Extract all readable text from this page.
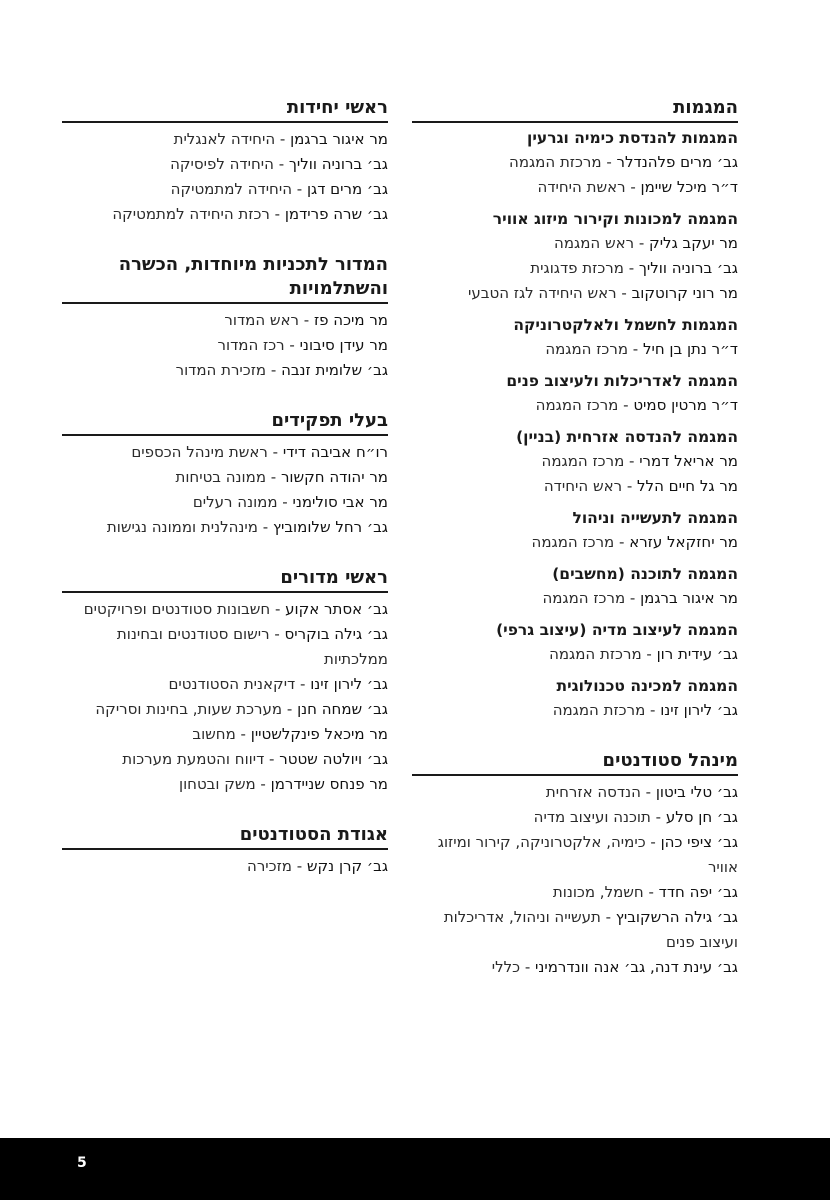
המגמות
המגמות להנדסת כימיה וגרעין
גב׳ מרים פלהנדלר - מרכזת המגמה
ד״ר מיכל שיימן - ראשת היחידה
המגמה למכונות וקירור מיזוג אוויר
מר יעקב גליק - ראש המגמה
גב׳ ברוניה ווליך - מרכזת פדגוגית
מר רוני קרוטקוב - ראש היחידה לגז הטבעי
המגמות לחשמל ולאלקטרוניקה
ד״ר נתן בן חיל - מרכז המגמה
המגמה לאדריכלות ולעיצוב פנים
ד״ר מרטין סמיט - מרכז המגמה
המגמה להנדסה אזרחית (בניין)
מר אריאל דמרי - מרכז המגמה
מר גל חיים הלל - ראש היחידה
המגמה לתעשייה וניהול
מר יחזקאל עזרא - מרכז המגמה
המגמה לתוכנה (מחשבים)
מר איגור ברגמן - מרכז המגמה
המגמה לעיצוב מדיה (עיצוב גרפי)
גב׳ עידית רון - מרכזת המגמה
המגמה למכינה טכנולוגית
גב׳ לירון זינו - מרכזת המגמה
מינהל סטודנטים
גב׳ טלי ביטון - הנדסה אזרחית
גב׳ חן סלע - תוכנה ועיצוב מדיה
גב׳ ציפי כהן - כימיה, אלקטרוניקה, קירור ומיזוג אוויר
גב׳ יפה חדד - חשמל, מכונות
גב׳ גילה הרשקוביץ - תעשייה וניהול, אדריכלות ועיצוב פנים
גב׳ עינת דנה, גב׳ אנה וונדרמיני - כללי
ראשי יחידות
מר איגור ברגמן - היחידה לאנגלית
גב׳ ברוניה ווליך - היחידה לפיסיקה
גב׳ מרים דגן - היחידה למתמטיקה
גב׳ שרה פרידמן - רכזת היחידה למתמטיקה
המדור לתכניות מיוחדות, הכשרה והשתלמויות
מר מיכה פז - ראש המדור
מר עידן סיבוני - רכז המדור
גב׳ שלומית זנבה - מזכירת המדור
בעלי תפקידים
רו״ח אביבה דידי - ראשת מינהל הכספים
מר יהודה חקשור - ממונה בטיחות
מר אבי סולימני - ממונה רעלים
גב׳ רחל שלומוביץ - מינהלנית וממונה נגישות
ראשי מדורים
גב׳ אסתר אקוע - חשבונות סטודנטים ופרויקטים
גב׳ גילה בוקריס - רישום סטודנטים ובחינות ממלכתיות
גב׳ לירון זינו - דיקאנית הסטודנטים
גב׳ שמחה חנן - מערכת שעות, בחינות וסריקה
מר מיכאל פינקלשטיין - מחשוב
גב׳ ויולטה שטטר - דיווח והטמעת מערכות
מר פנחס שניידרמן - משק ובטחון
אגודת הסטודנטים
גב׳ קרן נקש - מזכירה
5
